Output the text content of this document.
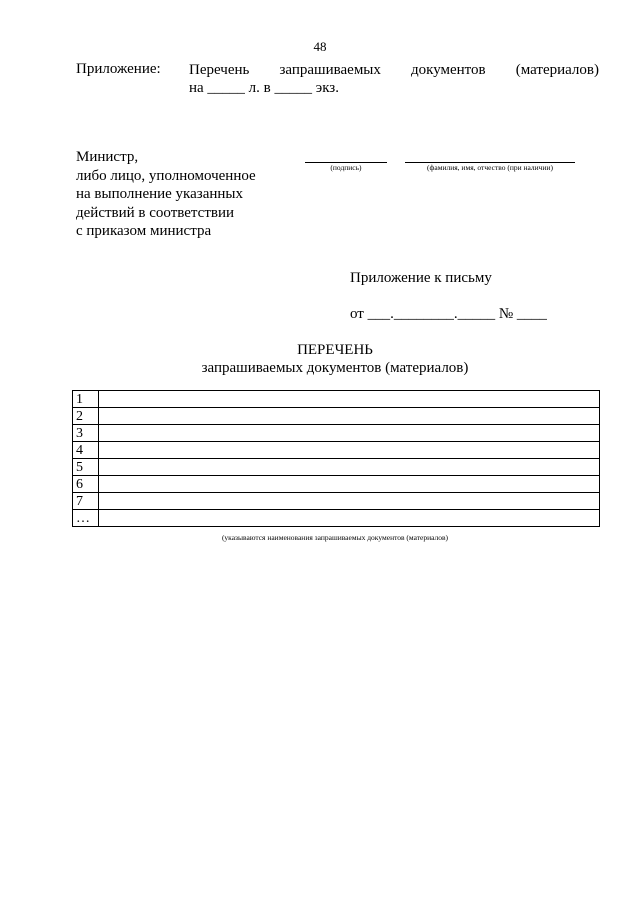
48
Приложение: Перечень запрашиваемых документов (материалов)
на _____ л. в _____ экз.
Министр,
либо лицо, уполномоченное
на выполнение указанных
действий в соответствии
с приказом министра
(подпись)	(фамилия, имя, отчество (при наличии)
Приложение к письму
от ___.________._____ № ____
ПЕРЕЧЕНЬ
запрашиваемых документов (материалов)
1	
2	
3	
4	
5	
6	
7	
…	
(указываются наименования запрашиваемых документов (материалов)
